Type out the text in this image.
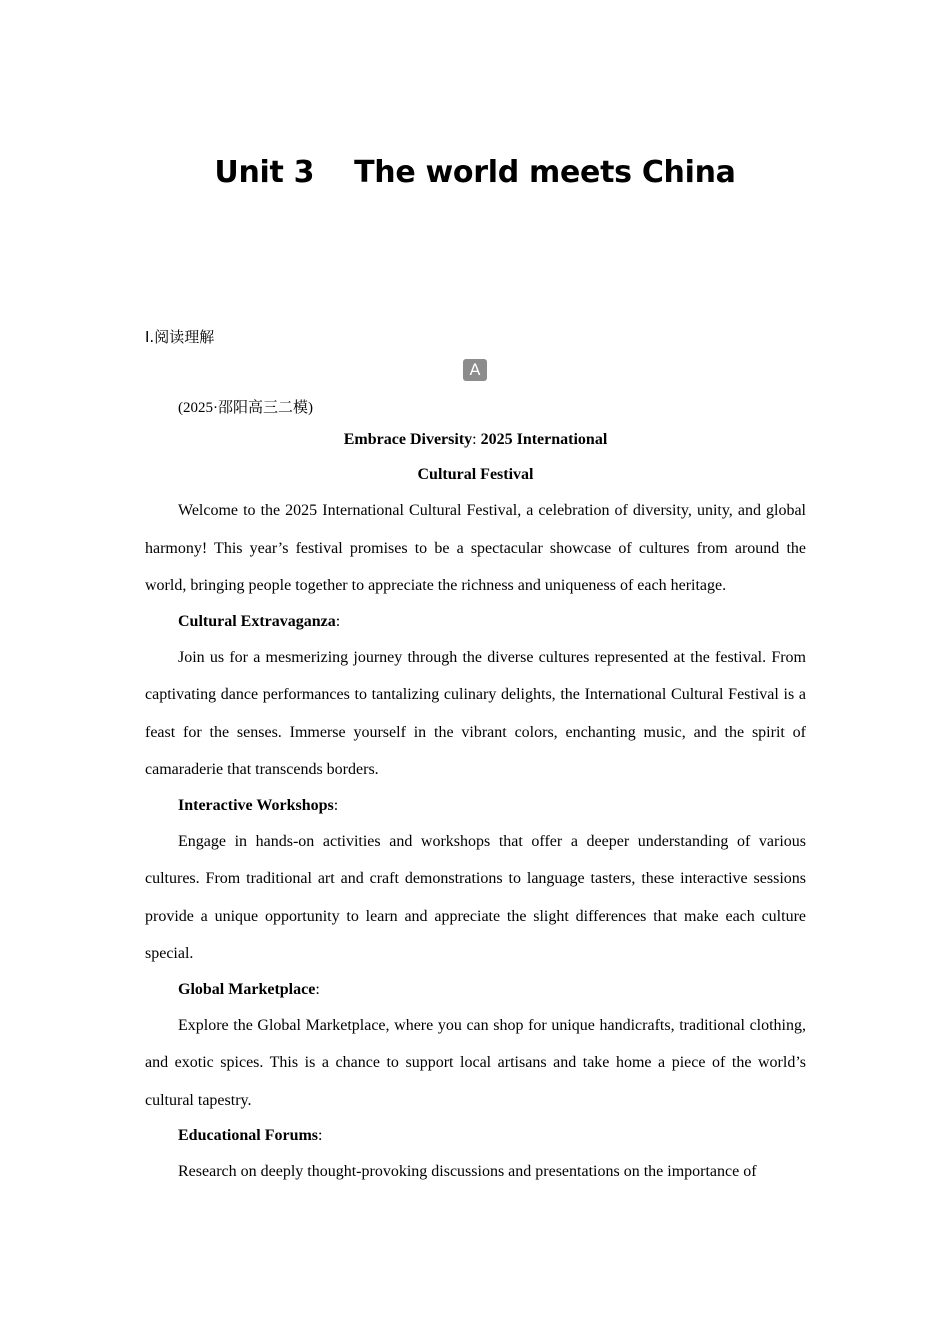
Unit 3  The world meets China
Ⅰ.阅读理解
A
(2025·邵阳高三二模)
Embrace Diversity: 2025 International
Cultural Festival

Welcome to the 2025 International Cultural Festival, a celebration of diversity, unity, and global harmony! This year’s festival promises to be a spectacular showcase of cultures from around the world, bringing people together to appreciate the richness and uniqueness of each heritage.

Cultural Extravaganza:

Join us for a mesmerizing journey through the diverse cultures represented at the festival. From captivating dance performances to tantalizing culinary delights, the International Cultural Festival is a feast for the senses. Immerse yourself in the vibrant colors, enchanting music, and the spirit of camaraderie that transcends borders.

Interactive Workshops:

Engage in hands-on activities and workshops that offer a deeper understanding of various cultures. From traditional art and craft demonstrations to language tasters, these interactive sessions provide a unique opportunity to learn and appreciate the slight differences that make each culture special.

Global Marketplace:

Explore the Global Marketplace, where you can shop for unique handicrafts, traditional clothing, and exotic spices. This is a chance to support local artisans and take home a piece of the world’s cultural tapestry.

Educational Forums:

Research on deeply thought-provoking discussions and presentations on the importance of
